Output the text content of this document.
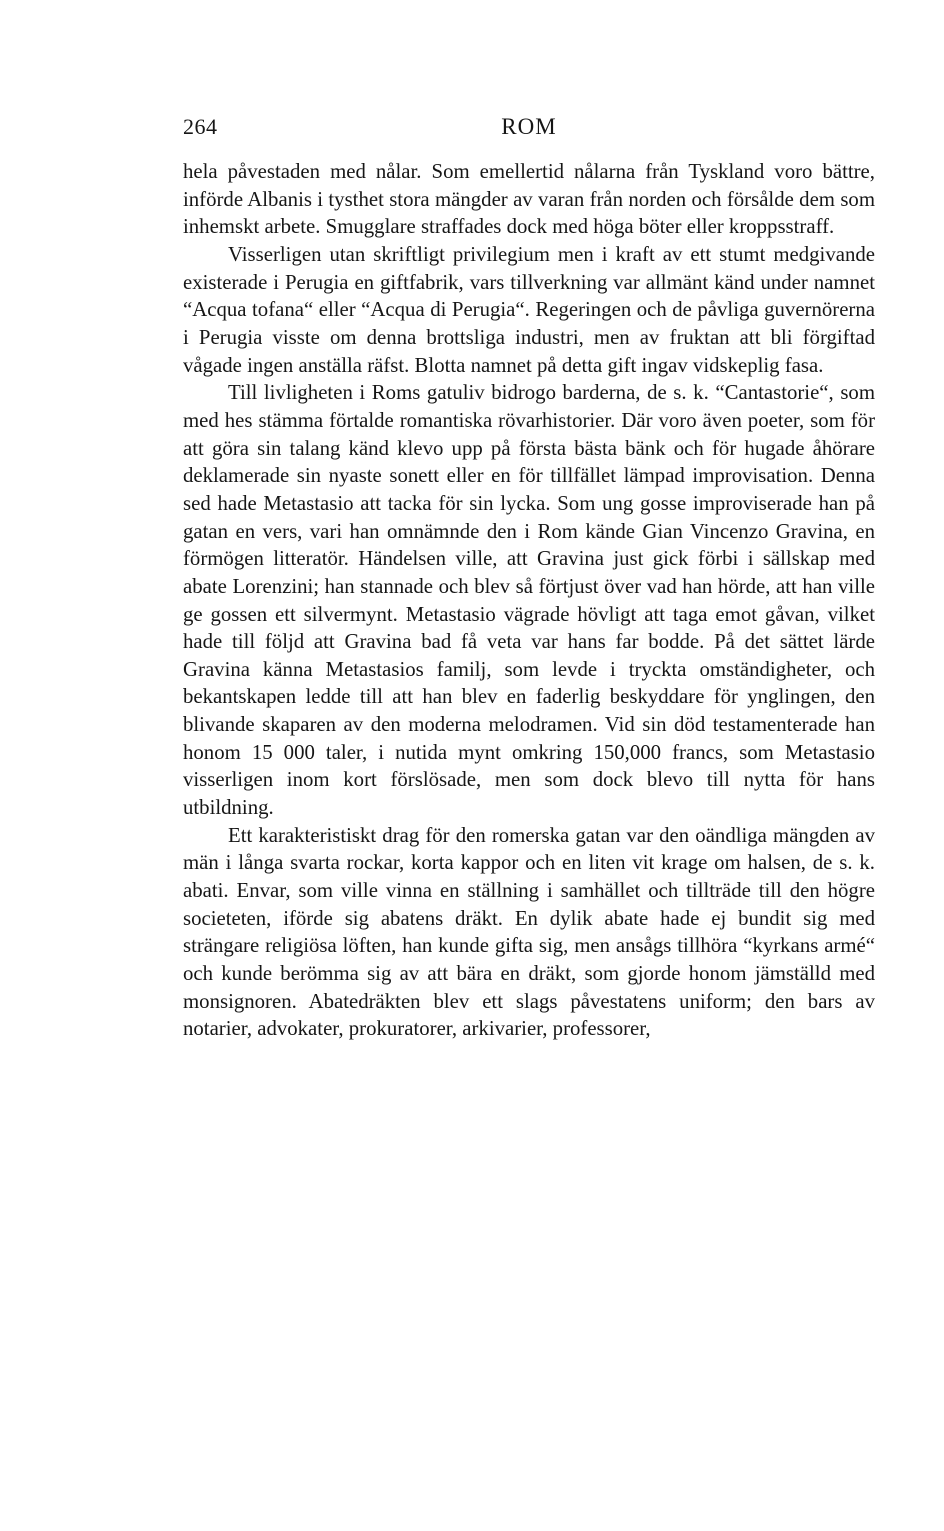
264	ROM

hela påvestaden med nålar. Som emellertid nålarna från Tyskland voro bättre, införde Albanis i tysthet stora mängder av varan från norden och försålde dem som inhemskt arbete. Smugglare straffades dock med höga böter eller kroppsstraff.

Visserligen utan skriftligt privilegium men i kraft av ett stumt medgivande existerade i Perugia en giftfabrik, vars tillverkning var allmänt känd under namnet “Acqua tofana“ eller “Acqua di Perugia“. Regeringen och de påvliga guvernörerna i Perugia visste om denna brottsliga industri, men av fruktan att bli förgiftad vågade ingen anställa räfst. Blotta namnet på detta gift ingav vidskeplig fasa.

Till livligheten i Roms gatuliv bidrogo barderna, de s. k. “Cantastorie“, som med hes stämma förtalde romantiska rövarhistorier. Där voro även poeter, som för att göra sin talang känd klevo upp på första bästa bänk och för hugade åhörare deklamerade sin nyaste sonett eller en för tillfället lämpad improvisation. Denna sed hade Metastasio att tacka för sin lycka. Som ung gosse improviserade han på gatan en vers, vari han omnämnde den i Rom kände Gian Vincenzo Gravina, en förmögen litteratör. Händelsen ville, att Gravina just gick förbi i sällskap med abate Lorenzini; han stannade och blev så förtjust över vad han hörde, att han ville ge gossen ett silvermynt. Metastasio vägrade hövligt att taga emot gåvan, vilket hade till följd att Gravina bad få veta var hans far bodde. På det sättet lärde Gravina känna Metastasios familj, som levde i tryckta omständigheter, och bekantskapen ledde till att han blev en faderlig beskyddare för ynglingen, den blivande skaparen av den moderna melodramen. Vid sin död testamenterade han honom 15 000 taler, i nutida mynt omkring 150,000 francs, som Metastasio visserligen inom kort förslösade, men som dock blevo till nytta för hans utbildning.

Ett karakteristiskt drag för den romerska gatan var den oändliga mängden av män i långa svarta rockar, korta kappor och en liten vit krage om halsen, de s. k. abati. Envar, som ville vinna en ställning i samhället och tillträde till den högre societeten, iförde sig abatens dräkt. En dylik abate hade ej bundit sig med strängare religiösa löften, han kunde gifta sig, men ansågs tillhöra “kyrkans armé“ och kunde berömma sig av att bära en dräkt, som gjorde honom jämställd med monsignoren. Abatedräkten blev ett slags påvestatens uniform; den bars av notarier, advokater, prokuratorer, arkivarier, professorer,
